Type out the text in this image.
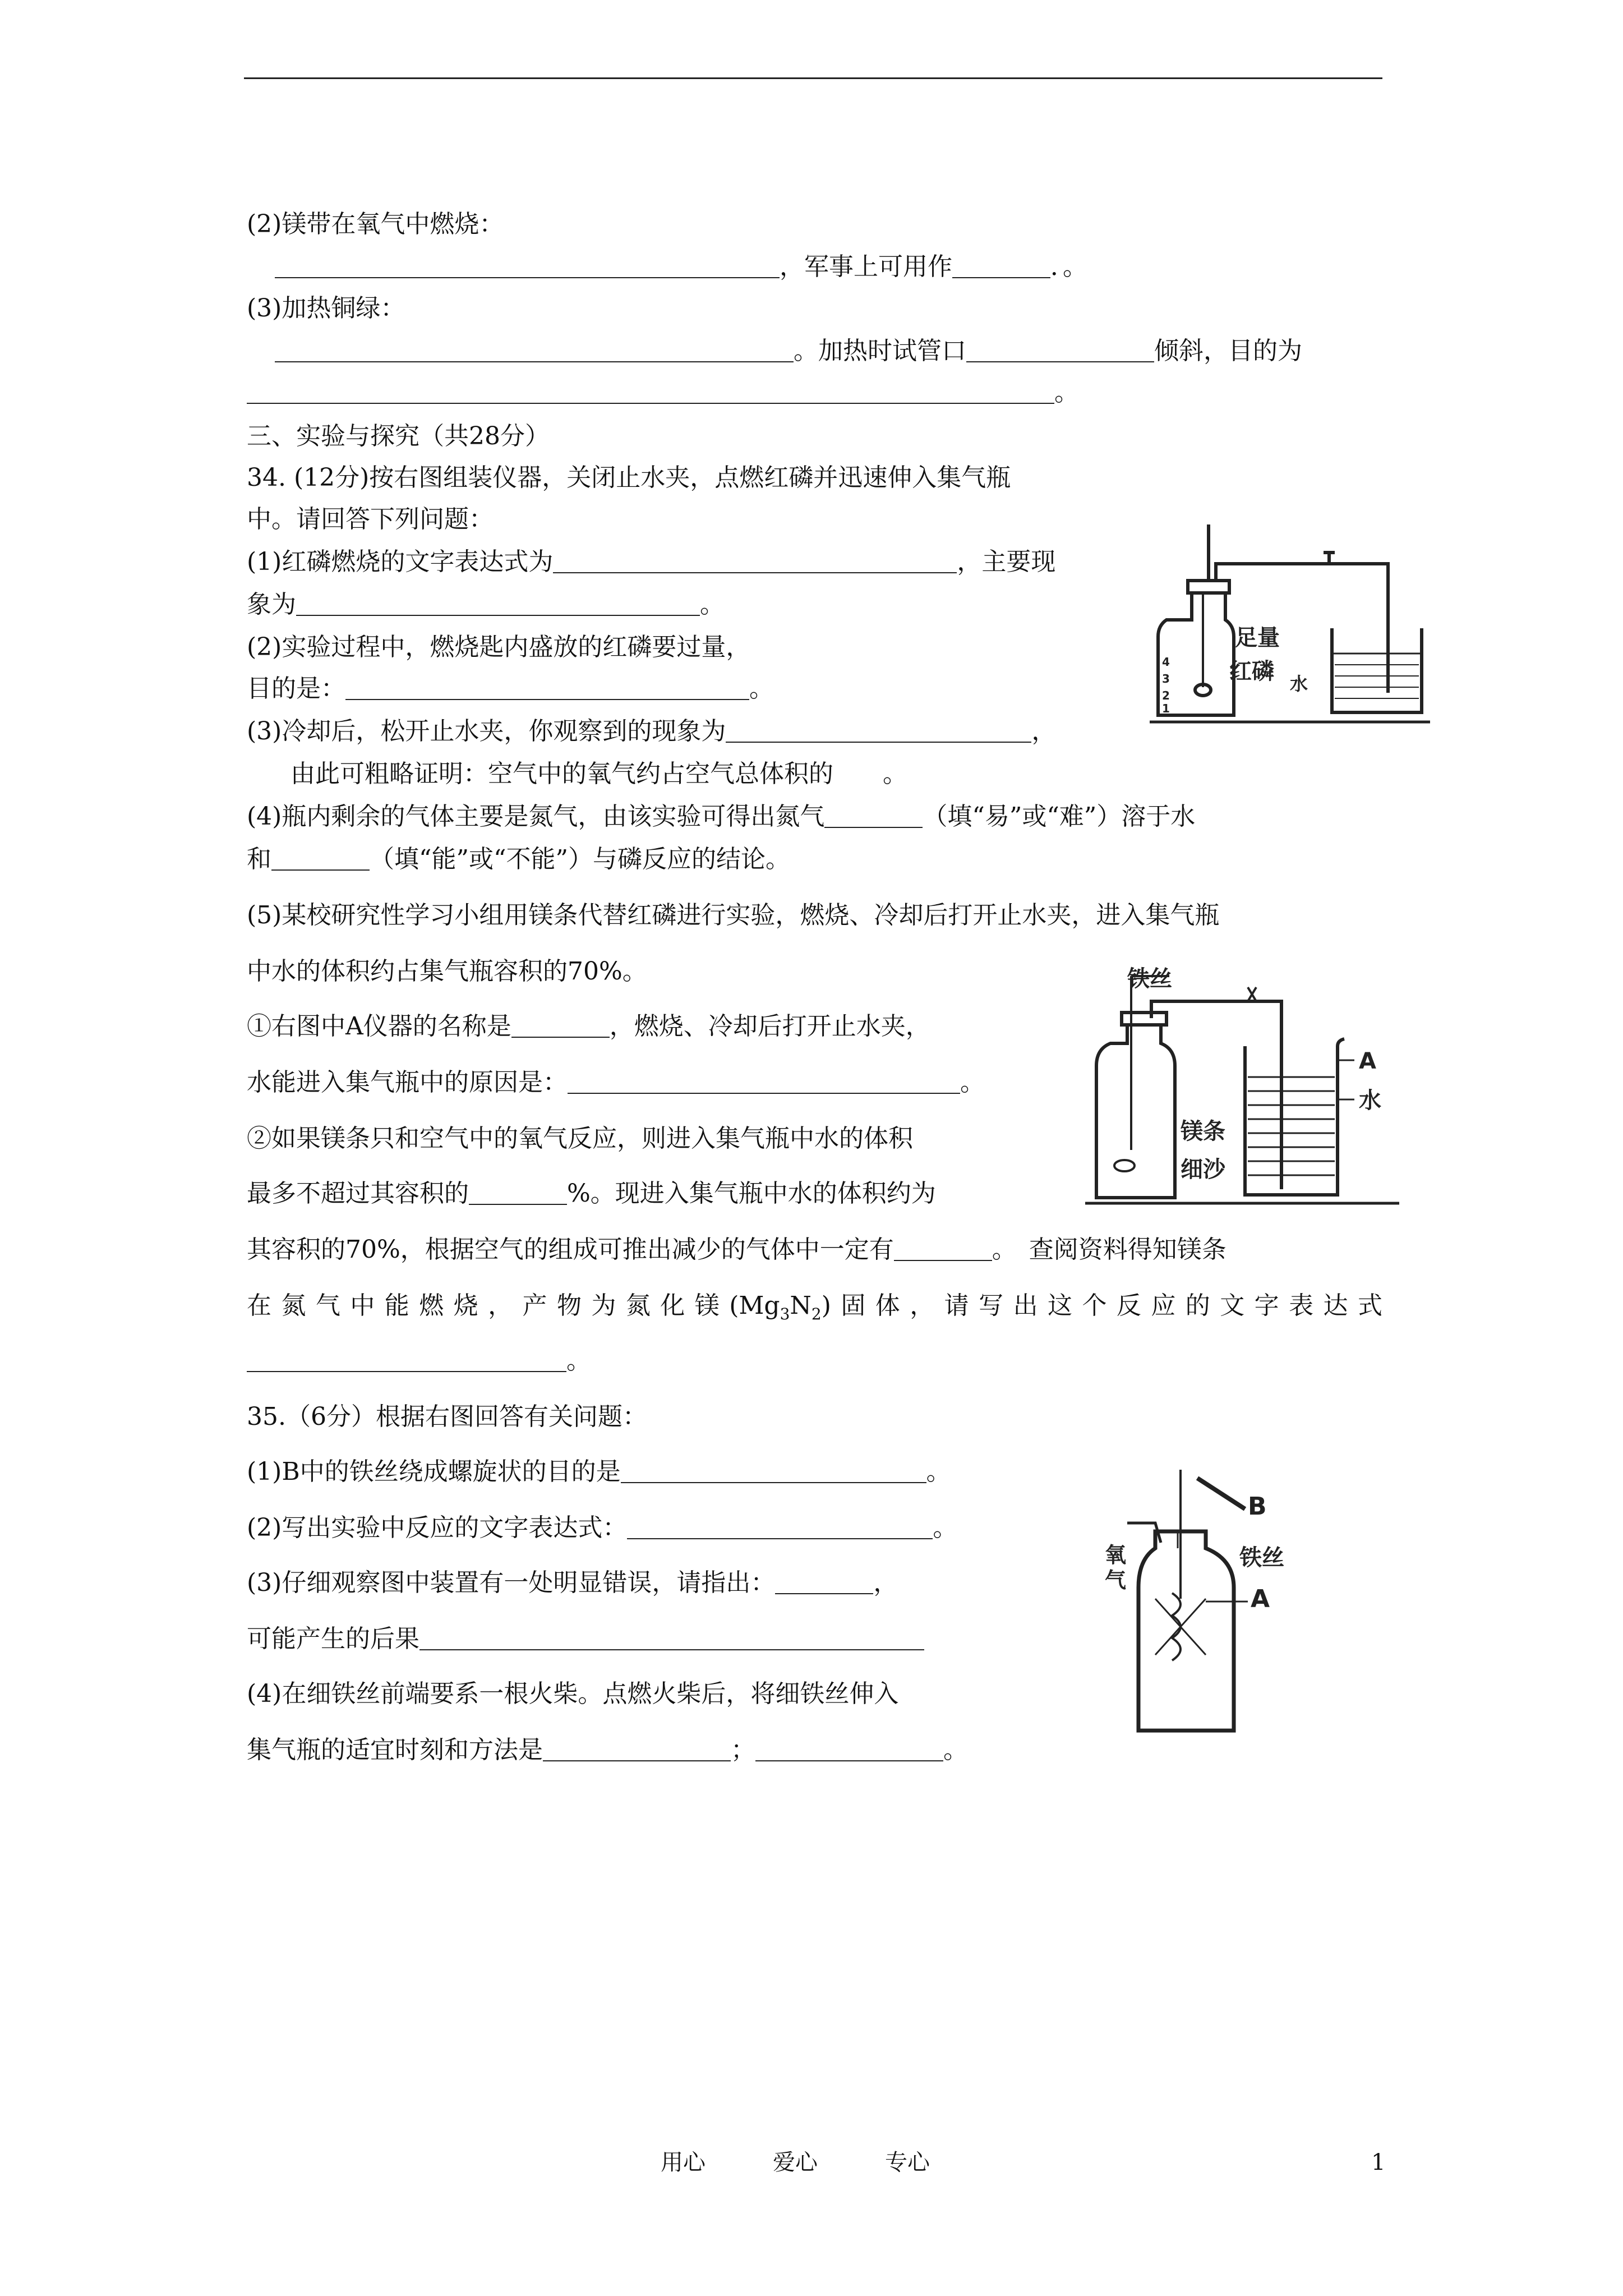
(2)镁带在氧气中燃烧：
，军事上可用作	．。
(3)加热铜绿：
。加热时试管口	倾斜，目的为
。
三、实验与探究（共28分）
34. (12分)按右图组装仪器，关闭止水夹，点燃红磷并迅速伸入集气瓶
中。请回答下列问题：
(1)红磷燃烧的文字表达式为	，主要现
象为	。
(2)实验过程中，燃烧匙内盛放的红磷要过量，
目的是：	。
(3)冷却后，松开止水夹，你观察到的现象为	，
由此可粗略证明：空气中的氧气约占空气总体积的　　。
(4)瓶内剩余的气体主要是氮气，由该实验可得出氮气	（填“易”或“难”）溶于水
和	（填“能”或“不能”）与磷反应的结论。
(5)某校研究性学习小组用镁条代替红磷进行实验，燃烧、冷却后打开止水夹，进入集气瓶
中水的体积约占集气瓶容积的70%。
①右图中A仪器的名称是	，燃烧、冷却后打开止水夹，
水能进入集气瓶中的原因是：	。
②如果镁条只和空气中的氧气反应，则进入集气瓶中水的体积
最多不超过其容积的	%。现进入集气瓶中水的体积约为
其容积的70%，根据空气的组成可推出减少的气体中一定有	。　查阅资料得知镁条
在氮气中能燃烧，产物为氮化镁$(Mg_3N_2)$固体，请写出这个反应的文字表达式
。
35.（6分）根据右图回答有关问题：
(1)B中的铁丝绕成螺旋状的目的是	。
(2)写出实验中反应的文字表达式：	。
(3)仔细观察图中装置有一处明显错误，请指出：	，
可能产生的后果
(4)在细铁丝前端要系一根火柴。点燃火柴后，将细铁丝伸入
集气瓶的适宜时刻和方法是	；	。
足量
红磷 水
4
3
2
1
铁丝
镁条
细沙
A
水
B
氧
气
铁丝
A
用心	爱心	专心	1
